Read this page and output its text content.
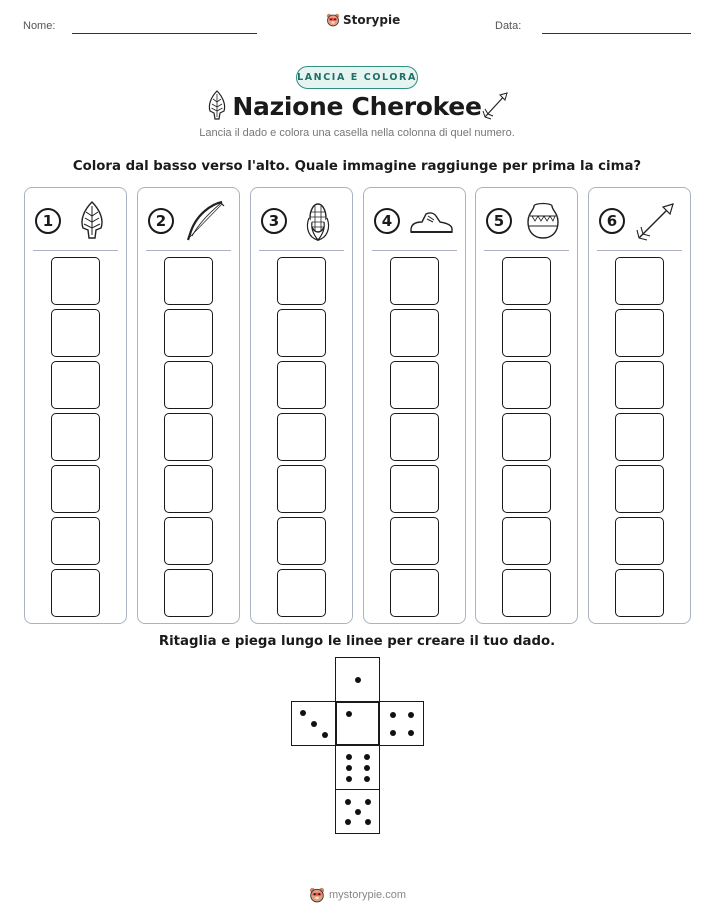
Nome:	Storypie	Data:
LANCIA E COLORA
Nazione Cherokee
Lancia il dado e colora una casella nella colonna di quel numero.
Colora dal basso verso l'alto. Quale immagine raggiunge per prima la cima?
1	2	3	4	5	6
Ritaglia e piega lungo le linee per creare il tuo dado.
mystorypie.com
